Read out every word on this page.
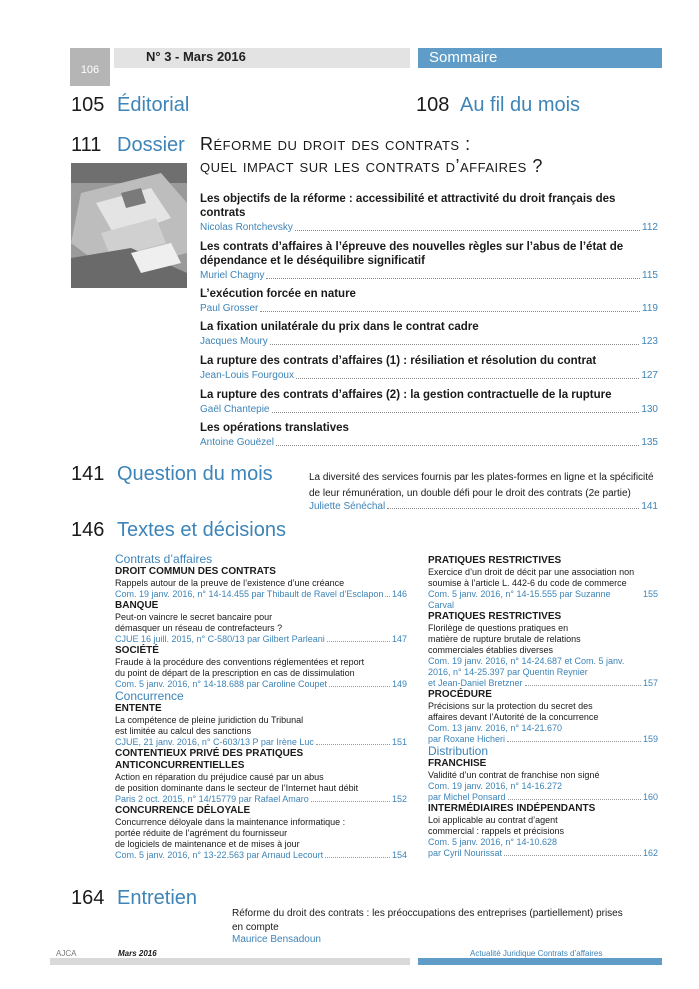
106
N° 3 - Mars 2016	Sommaire
105 Éditorial	108 Au fil du mois
111 Dossier Réforme du droit des contrats :
quel impact sur les contrats d’affaires ?
Les objectifs de la réforme : accessibilité et attractivité du droit français des contrats
Nicolas Rontchevsky	112
Les contrats d’affaires à l’épreuve des nouvelles règles sur l’abus de l’état de dépendance et le déséquilibre significatif
Muriel Chagny	115
L’exécution forcée en nature
Paul Grosser	119
La fixation unilatérale du prix dans le contrat cadre
Jacques Moury	123
La rupture des contrats d’affaires (1) : résiliation et résolution du contrat
Jean-Louis Fourgoux	127
La rupture des contrats d’affaires (2) : la gestion contractuelle de la rupture
Gaël Chantepie	130
Les opérations translatives
Antoine Gouëzel	135
141 Question du mois	La diversité des services fournis par les plates-formes en ligne et la spécificité de leur rémunération, un double défi pour le droit des contrats (2e partie)
Juliette Sénéchal	141
146 Textes et décisions
Contrats d’affaires
DROIT COMMUN DES CONTRATS
Rappels autour de la preuve de l’existence d’une créance
Com. 19 janv. 2016, n° 14-14.455 par Thibault de Ravel d’Esclapon 146
BANQUE
Peut-on vaincre le secret bancaire pour
démasquer un réseau de contrefacteurs ?
CJUE 16 juill. 2015, n° C-580/13 par Gilbert Parleani	147
SOCIÉTÉ
Fraude à la procédure des conventions réglementées et report
du point de départ de la prescription en cas de dissimulation
Com. 5 janv. 2016, n° 14-18.688 par Caroline Coupet	149
Concurrence
ENTENTE
La compétence de pleine juridiction du Tribunal
est limitée au calcul des sanctions
CJUE, 21 janv. 2016, n° C-603/13 P par Irène Luc	151
CONTENTIEUX PRIVÉ DES PRATIQUES ANTICONCURRENTIELLES
Action en réparation du préjudice causé par un abus
de position dominante dans le secteur de l’Internet haut débit
Paris 2 oct. 2015, n° 14/15779 par Rafael Amaro	152
CONCURRENCE DÉLOYALE
Concurrence déloyale dans la maintenance informatique :
portée réduite de l’agrément du fournisseur
de logiciels de maintenance et de mises à jour
Com. 5 janv. 2016, n° 13-22.563 par Arnaud Lecourt	154
PRATIQUES RESTRICTIVES
Exercice d’un droit de décit par une association non
soumise à l’article L. 442-6 du code de commerce
Com. 5 janv. 2016, n° 14-15.555 par Suzanne Carval
155
PRATIQUES RESTRICTIVES
Florilège de questions pratiques en
matière de rupture brutale de relations
commerciales établies diverses
Com. 19 janv. 2016, n° 14-24.687 et Com. 5 janv.
2016, n° 14-25.397 par Quentin Reynier
et Jean-Daniel Bretzner	157
PROCÉDURE
Précisions sur la protection du secret des
affaires devant l’Autorité de la concurrence
Com. 13 janv. 2016, n° 14-21.670
par Roxane Hicheri	159
Distribution
FRANCHISE
Validité d’un contrat de franchise non signé
Com. 19 janv. 2016, n° 14-16.272
par Michel Ponsard	160
INTERMÉDIAIRES INDÉPENDANTS
Loi applicable au contrat d’agent
commercial : rappels et précisions
Com. 5 janv. 2016, n° 14-10.628
par Cyril Nourissat	162
164 Entretien
Réforme du droit des contrats : les préoccupations des entreprises (partiellement) prises en compte
Maurice Bensadoun
AJCA	Mars 2016	Actualité Juridique Contrats d’affaires
